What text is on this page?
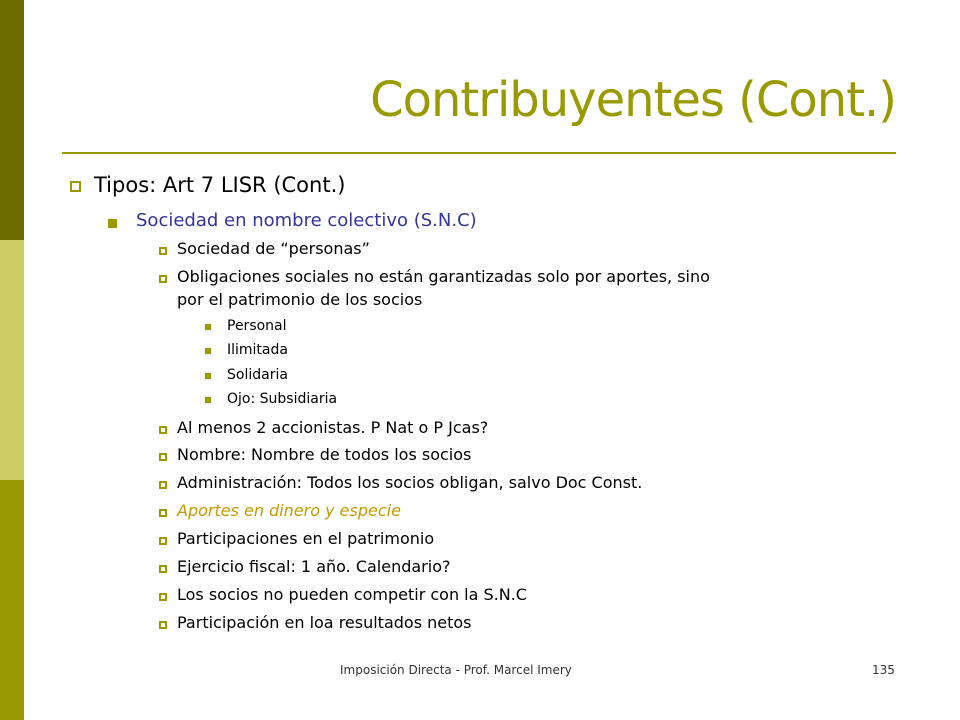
Contribuyentes (Cont.)
Tipos: Art 7 LISR (Cont.)
Sociedad en nombre colectivo (S.N.C)
Sociedad de “personas”
Obligaciones sociales no están garantizadas solo por aportes, sino
por el patrimonio de los socios
Personal
Ilimitada
Solidaria
Ojo: Subsidiaria
Al menos 2 accionistas. P Nat o P Jcas?
Nombre: Nombre de todos los socios
Administración: Todos los socios obligan, salvo Doc Const.
Aportes en dinero y especie
Participaciones en el patrimonio
Ejercicio fiscal: 1 año. Calendario?
Los socios no pueden competir con la S.N.C
Participación en loa resultados netos
Imposición Directa - Prof. Marcel Imery	135
